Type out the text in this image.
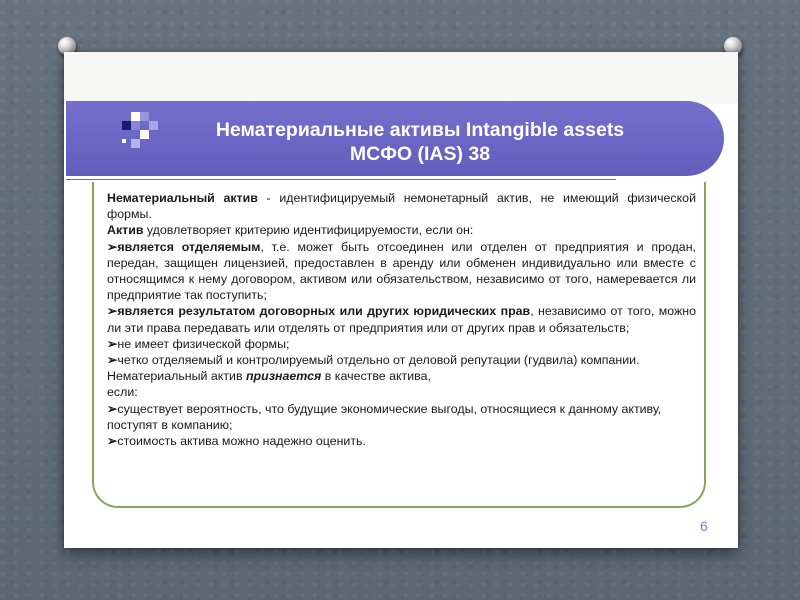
Нематериальные активы Intangible assets
МСФО (IAS) 38

Нематериальный актив - идентифицируемый немонетарный актив, не имеющий физической формы.

Актив удовлетворяет критерию идентифицируемости, если он:

➢является отделяемым, т.е. может быть отсоединен или отделен от предприятия и продан, передан, защищен лицензией, предоставлен в аренду или обменен индивидуально или вместе с относящимся к нему договором, активом или обязательством, независимо от того, намеревается ли предприятие так поступить;

➢является результатом договорных или других юридических прав, независимо от того, можно ли эти права передавать или отделять от предприятия или от других прав и обязательств;

➢не имеет физической формы;

➢четко отделяемый и контролируемый отдельно от деловой репутации (гудвила) компании.

Нематериальный актив признается в качестве актива,

если:

➢существует вероятность, что будущие экономические выгоды, относящиеся к данному активу, поступят в компанию;

➢стоимость актива можно надежно оценить.

6
